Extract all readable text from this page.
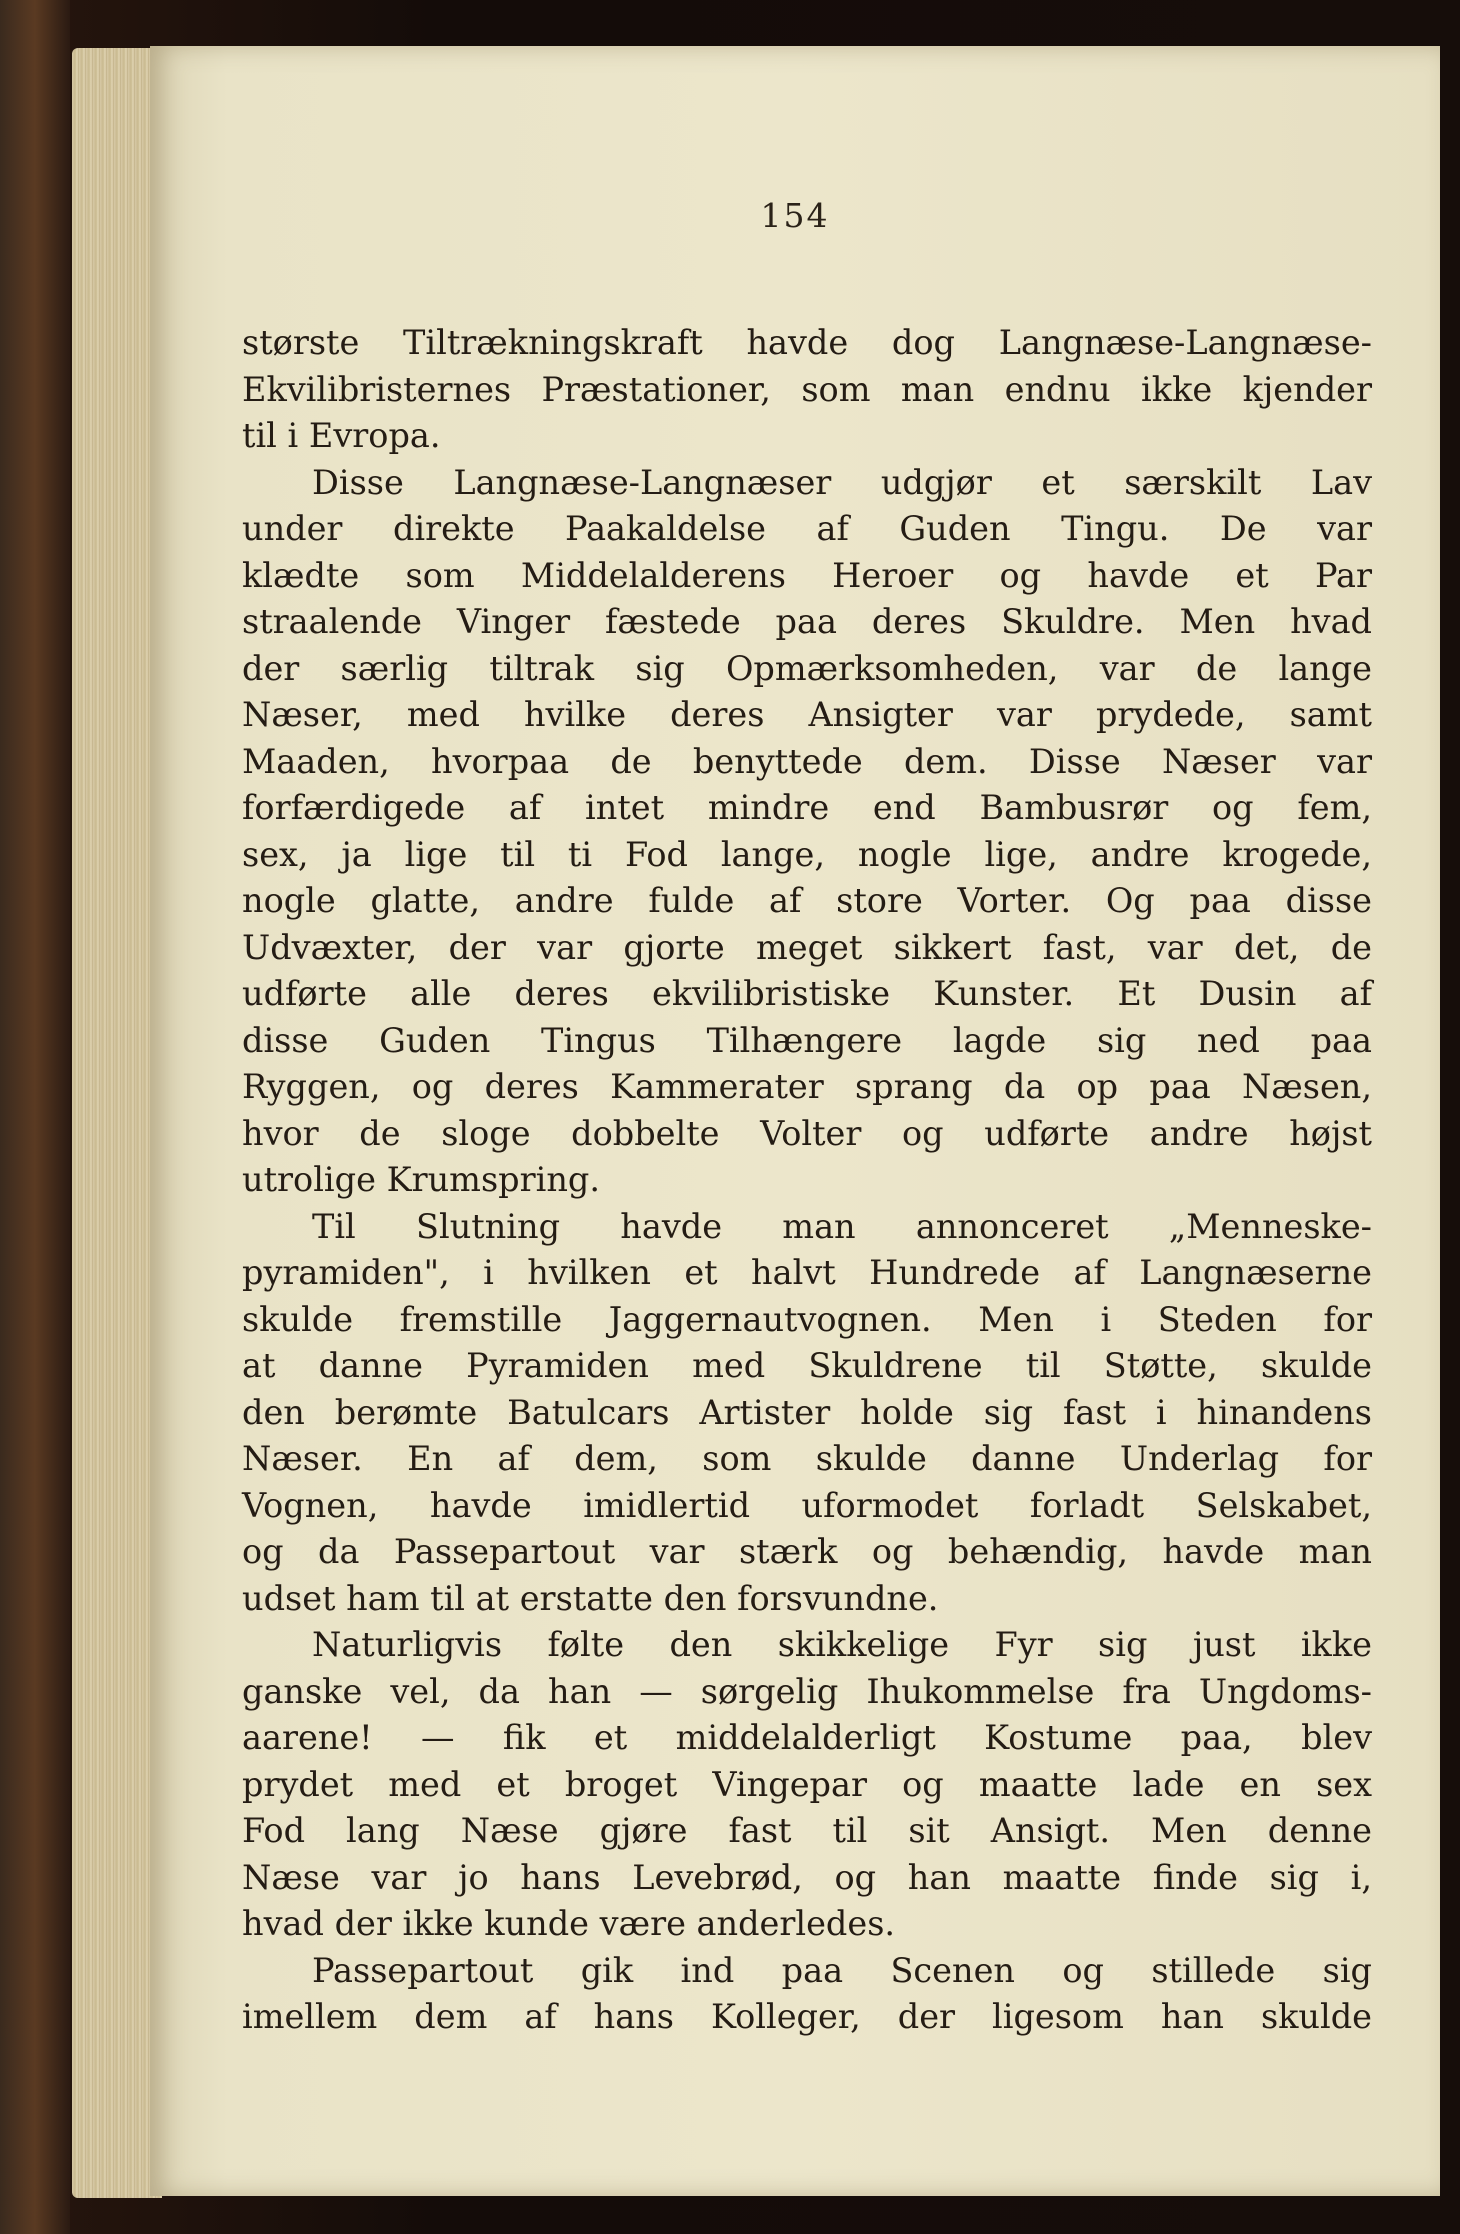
154
største Tiltrækningskraft havde dog Langnæse-Langnæse-
Ekvilibristernes Præstationer, som man endnu ikke kjender
til i Evropa.
Disse Langnæse-Langnæser udgjør et særskilt Lav
under direkte Paakaldelse af Guden Tingu. De var
klædte som Middelalderens Heroer og havde et Par
straalende Vinger fæstede paa deres Skuldre. Men hvad
der særlig tiltrak sig Opmærksomheden, var de lange
Næser, med hvilke deres Ansigter var prydede, samt
Maaden, hvorpaa de benyttede dem. Disse Næser var
forfærdigede af intet mindre end Bambusrør og fem,
sex, ja lige til ti Fod lange, nogle lige, andre krogede,
nogle glatte, andre fulde af store Vorter. Og paa disse
Udvæxter, der var gjorte meget sikkert fast, var det, de
udførte alle deres ekvilibristiske Kunster. Et Dusin af
disse Guden Tingus Tilhængere lagde sig ned paa
Ryggen, og deres Kammerater sprang da op paa Næsen,
hvor de sloge dobbelte Volter og udførte andre højst
utrolige Krumspring.
Til Slutning havde man annonceret „Menneske-
pyramiden", i hvilken et halvt Hundrede af Langnæserne
skulde fremstille Jaggernautvognen. Men i Steden for
at danne Pyramiden med Skuldrene til Støtte, skulde
den berømte Batulcars Artister holde sig fast i hinandens
Næser. En af dem, som skulde danne Underlag for
Vognen, havde imidlertid uformodet forladt Selskabet,
og da Passepartout var stærk og behændig, havde man
udset ham til at erstatte den forsvundne.
Naturligvis følte den skikkelige Fyr sig just ikke
ganske vel, da han — sørgelig Ihukommelse fra Ungdoms-
aarene! — fik et middelalderligt Kostume paa, blev
prydet med et broget Vingepar og maatte lade en sex
Fod lang Næse gjøre fast til sit Ansigt. Men denne
Næse var jo hans Levebrød, og han maatte finde sig i,
hvad der ikke kunde være anderledes.
Passepartout gik ind paa Scenen og stillede sig
imellem dem af hans Kolleger, der ligesom han skulde
